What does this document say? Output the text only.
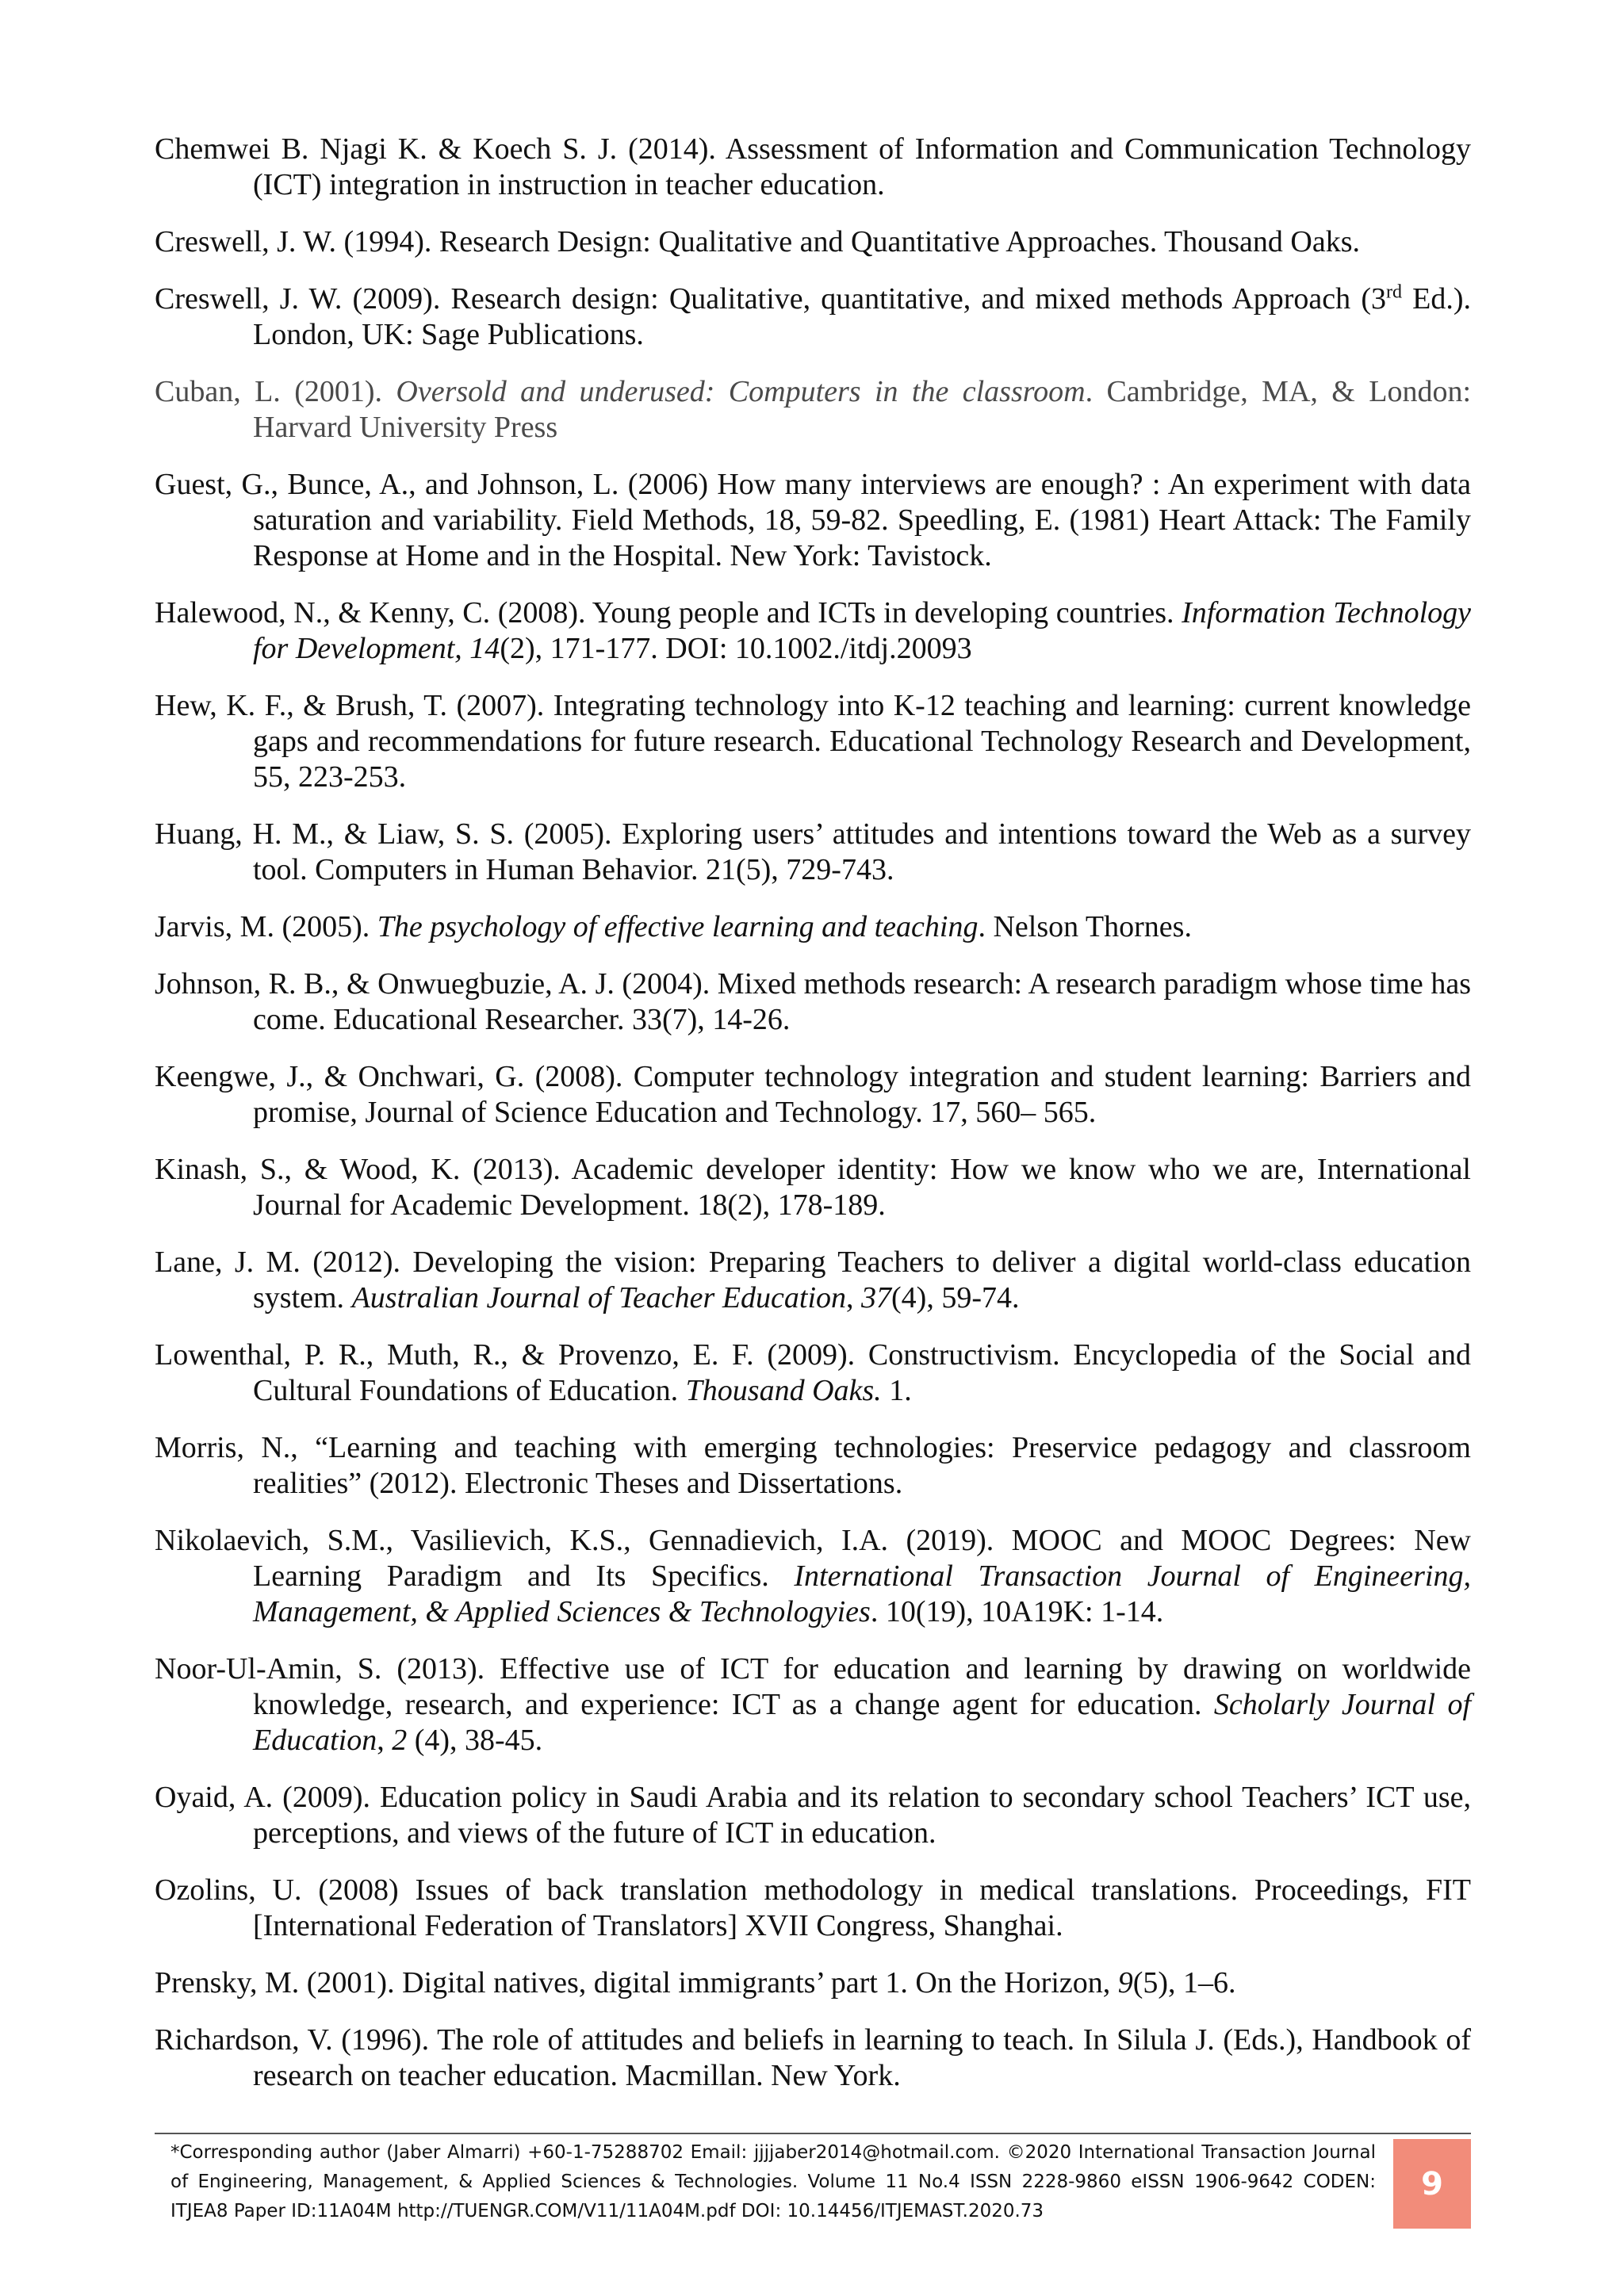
Chemwei B. Njagi K. & Koech S. J. (2014). Assessment of Information and Communication Technology (ICT) integration in instruction in teacher education.

Creswell, J. W. (1994). Research Design: Qualitative and Quantitative Approaches. Thousand Oaks.

Creswell, J. W. (2009). Research design: Qualitative, quantitative, and mixed methods Approach (3rd Ed.). London, UK: Sage Publications.

Cuban, L. (2001). Oversold and underused: Computers in the classroom. Cambridge, MA, & London: Harvard University Press

Guest, G., Bunce, A., and Johnson, L. (2006) How many interviews are enough? : An experiment with data saturation and variability. Field Methods, 18, 59-82. Speedling, E. (1981) Heart Attack: The Family Response at Home and in the Hospital. New York: Tavistock.

Halewood, N., & Kenny, C. (2008). Young people and ICTs in developing countries. Information Technology for Development, 14(2), 171-177. DOI: 10.1002./itdj.20093

Hew, K. F., & Brush, T. (2007). Integrating technology into K-12 teaching and learning: current knowledge gaps and recommendations for future research. Educational Technology Research and Development, 55, 223-253.

Huang, H. M., & Liaw, S. S. (2005). Exploring users’ attitudes and intentions toward the Web as a survey tool. Computers in Human Behavior. 21(5), 729-743.

Jarvis, M. (2005). The psychology of effective learning and teaching. Nelson Thornes.

Johnson, R. B., & Onwuegbuzie, A. J. (2004). Mixed methods research: A research paradigm whose time has come. Educational Researcher. 33(7), 14-26.

Keengwe, J., & Onchwari, G. (2008). Computer technology integration and student learning: Barriers and promise, Journal of Science Education and Technology. 17, 560– 565.

Kinash, S., & Wood, K. (2013). Academic developer identity: How we know who we are, International Journal for Academic Development. 18(2), 178-189.

Lane, J. M. (2012). Developing the vision: Preparing Teachers to deliver a digital world-class education system. Australian Journal of Teacher Education, 37(4), 59-74.

Lowenthal, P. R., Muth, R., & Provenzo, E. F. (2009). Constructivism. Encyclopedia of the Social and Cultural Foundations of Education. Thousand Oaks. 1.

Morris, N., “Learning and teaching with emerging technologies: Preservice pedagogy and classroom realities” (2012). Electronic Theses and Dissertations.

Nikolaevich, S.M., Vasilievich, K.S., Gennadievich, I.A. (2019). MOOC and MOOC Degrees: New Learning Paradigm and Its Specifics. International Transaction Journal of Engineering, Management, & Applied Sciences & Technologyies. 10(19), 10A19K: 1-14.

Noor-Ul-Amin, S. (2013). Effective use of ICT for education and learning by drawing on worldwide knowledge, research, and experience: ICT as a change agent for education. Scholarly Journal of Education, 2 (4), 38-45.

Oyaid, A. (2009). Education policy in Saudi Arabia and its relation to secondary school Teachers’ ICT use, perceptions, and views of the future of ICT in education.

Ozolins, U. (2008) Issues of back translation methodology in medical translations. Proceedings, FIT [International Federation of Translators] XVII Congress, Shanghai.

Prensky, M. (2001). Digital natives, digital immigrants’ part 1. On the Horizon, 9(5), 1–6.

Richardson, V. (1996). The role of attitudes and beliefs in learning to teach. In Silula J. (Eds.), Handbook of research on teacher education. Macmillan. New York.

*Corresponding author (Jaber Almarri) +60-1-75288702 Email: jjjjaber2014@hotmail.com. ©2020 International Transaction Journal of Engineering, Management, & Applied Sciences & Technologies. Volume 11 No.4 ISSN 2228-9860 eISSN 1906-9642 CODEN: ITJEA8 Paper ID:11A04M http://TUENGR.COM/V11/11A04M.pdf DOI: 10.14456/ITJEMAST.2020.73
9
